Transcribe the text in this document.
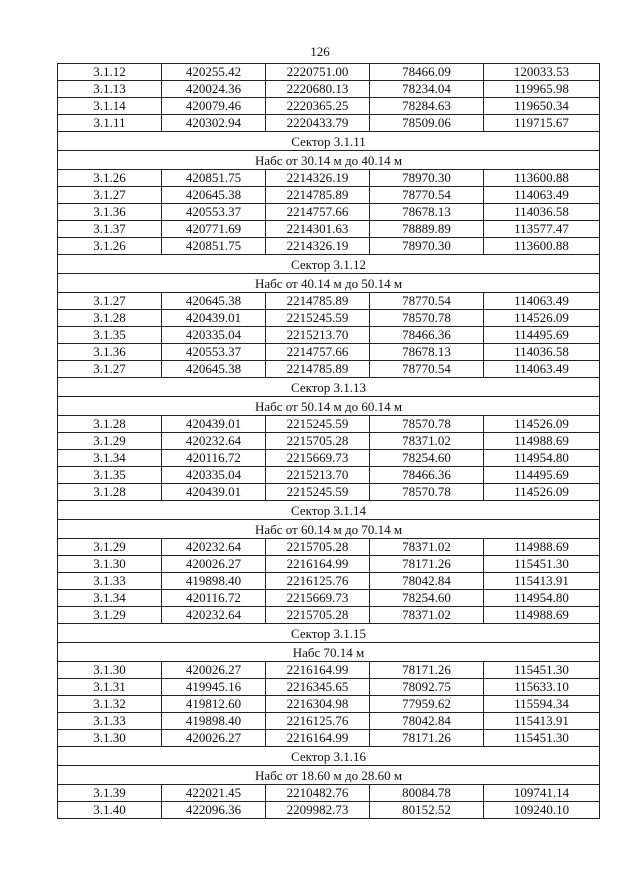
126
3.1.12	420255.42	2220751.00	78466.09	120033.53
3.1.13	420024.36	2220680.13	78234.04	119965.98
3.1.14	420079.46	2220365.25	78284.63	119650.34
3.1.11	420302.94	2220433.79	78509.06	119715.67
Сектор 3.1.11				
Набс от 30.14 м до 40.14 м				
3.1.26	420851.75	2214326.19	78970.30	113600.88
3.1.27	420645.38	2214785.89	78770.54	114063.49
3.1.36	420553.37	2214757.66	78678.13	114036.58
3.1.37	420771.69	2214301.63	78889.89	113577.47
3.1.26	420851.75	2214326.19	78970.30	113600.88
Сектор 3.1.12				
Набс от 40.14 м до 50.14 м				
3.1.27	420645.38	2214785.89	78770.54	114063.49
3.1.28	420439.01	2215245.59	78570.78	114526.09
3.1.35	420335.04	2215213.70	78466.36	114495.69
3.1.36	420553.37	2214757.66	78678.13	114036.58
3.1.27	420645.38	2214785.89	78770.54	114063.49
Сектор 3.1.13				
Набс от 50.14 м до 60.14 м				
3.1.28	420439.01	2215245.59	78570.78	114526.09
3.1.29	420232.64	2215705.28	78371.02	114988.69
3.1.34	420116.72	2215669.73	78254.60	114954.80
3.1.35	420335.04	2215213.70	78466.36	114495.69
3.1.28	420439.01	2215245.59	78570.78	114526.09
Сектор 3.1.14				
Набс от 60.14 м до 70.14 м				
3.1.29	420232.64	2215705.28	78371.02	114988.69
3.1.30	420026.27	2216164.99	78171.26	115451.30
3.1.33	419898.40	2216125.76	78042.84	115413.91
3.1.34	420116.72	2215669.73	78254.60	114954.80
3.1.29	420232.64	2215705.28	78371.02	114988.69
Сектор 3.1.15				
Набс 70.14 м				
3.1.30	420026.27	2216164.99	78171.26	115451.30
3.1.31	419945.16	2216345.65	78092.75	115633.10
3.1.32	419812.60	2216304.98	77959.62	115594.34
3.1.33	419898.40	2216125.76	78042.84	115413.91
3.1.30	420026.27	2216164.99	78171.26	115451.30
Сектор 3.1.16				
Набс от 18.60 м до 28.60 м				
3.1.39	422021.45	2210482.76	80084.78	109741.14
3.1.40	422096.36	2209982.73	80152.52	109240.10
